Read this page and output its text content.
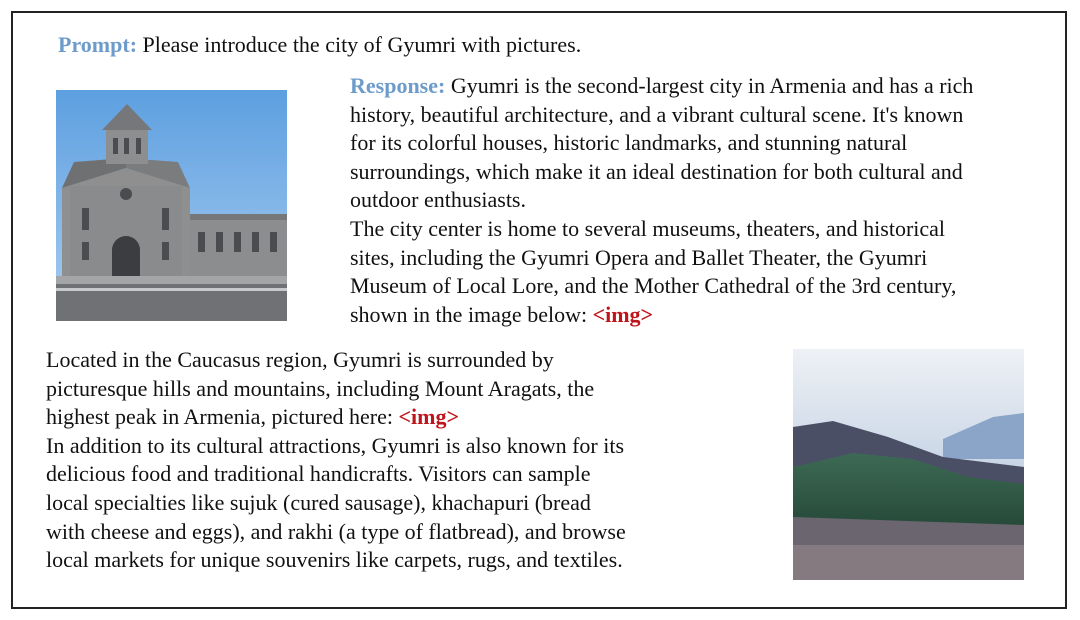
Prompt: Please introduce the city of Gyumri with pictures.
Response: Gyumri is the second-largest city in Armenia and has a rich
history, beautiful architecture, and a vibrant cultural scene. It's known
for its colorful houses, historic landmarks, and stunning natural
surroundings, which make it an ideal destination for both cultural and
outdoor enthusiasts.
The city center is home to several museums, theaters, and historical
sites, including the Gyumri Opera and Ballet Theater, the Gyumri
Museum of Local Lore, and the Mother Cathedral of the 3rd century,
shown in the image below: <img>
Located in the Caucasus region, Gyumri is surrounded by
picturesque hills and mountains, including Mount Aragats, the
highest peak in Armenia, pictured here: <img>
In addition to its cultural attractions, Gyumri is also known for its
delicious food and traditional handicrafts. Visitors can sample
local specialties like sujuk (cured sausage), khachapuri (bread
with cheese and eggs), and rakhi (a type of flatbread), and browse
local markets for unique souvenirs like carpets, rugs, and textiles.
